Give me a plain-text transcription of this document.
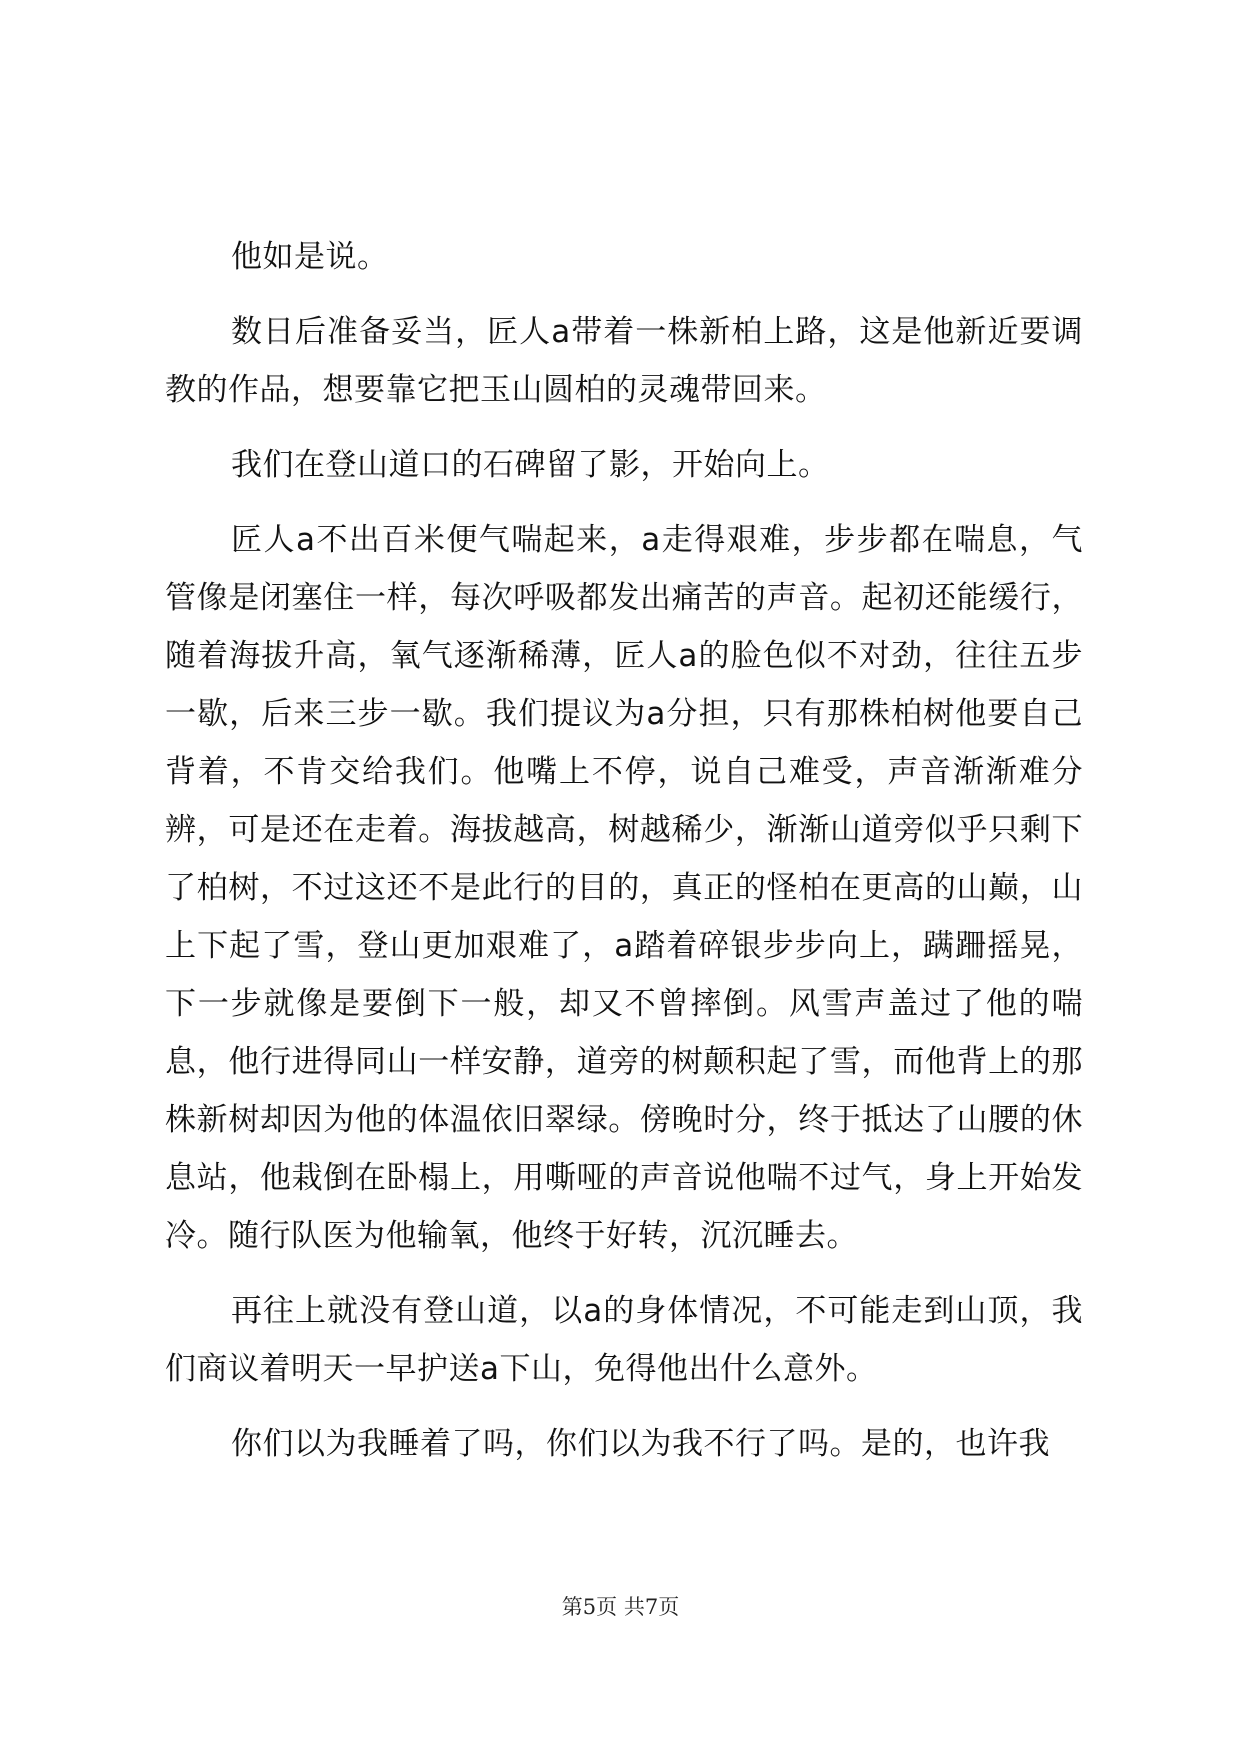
他如是说。

数日后准备妥当，匠人a带着一株新柏上路，这是他新近要调教的作品，想要靠它把玉山圆柏的灵魂带回来。

我们在登山道口的石碑留了影，开始向上。

匠人a不出百米便气喘起来，a走得艰难，步步都在喘息，气管像是闭塞住一样，每次呼吸都发出痛苦的声音。起初还能缓行，随着海拔升高，氧气逐渐稀薄，匠人a的脸色似不对劲，往往五步一歇，后来三步一歇。我们提议为a分担，只有那株柏树他要自己背着，不肯交给我们。他嘴上不停，说自己难受，声音渐渐难分辨，可是还在走着。海拔越高，树越稀少，渐渐山道旁似乎只剩下了柏树，不过这还不是此行的目的，真正的怪柏在更高的山巅，山上下起了雪，登山更加艰难了，a踏着碎银步步向上，蹒跚摇晃，下一步就像是要倒下一般，却又不曾摔倒。风雪声盖过了他的喘息，他行进得同山一样安静，道旁的树颠积起了雪，而他背上的那株新树却因为他的体温依旧翠绿。傍晚时分，终于抵达了山腰的休息站，他栽倒在卧榻上，用嘶哑的声音说他喘不过气，身上开始发冷。随行队医为他输氧，他终于好转，沉沉睡去。

再往上就没有登山道，以a的身体情况，不可能走到山顶，我们商议着明天一早护送a下山，免得他出什么意外。

你们以为我睡着了吗，你们以为我不行了吗。是的，也许我

第5页 共7页
